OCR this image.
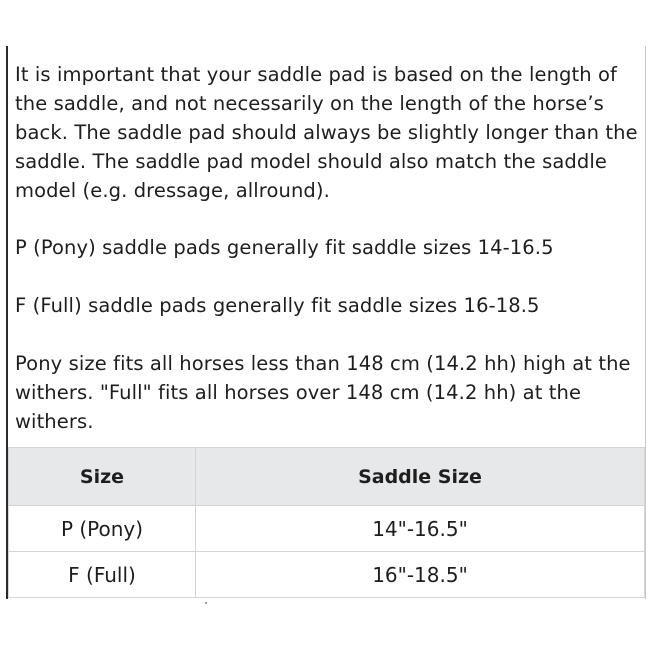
It is important that your saddle pad is based on the length of the saddle, and not necessarily on the length of the horse’s back. The saddle pad should always be slightly longer than the saddle. The saddle pad model should also match the saddle model (e.g. dressage, allround).

P (Pony) saddle pads generally fit saddle sizes 14-16.5

F (Full) saddle pads generally fit saddle sizes 16-18.5

Pony size fits all horses less than 148 cm (14.2 hh) high at the withers. "Full" fits all horses over 148 cm (14.2 hh) at the withers.

Size	Saddle Size
P (Pony)	14"-16.5"
F (Full)	16"-18.5"
